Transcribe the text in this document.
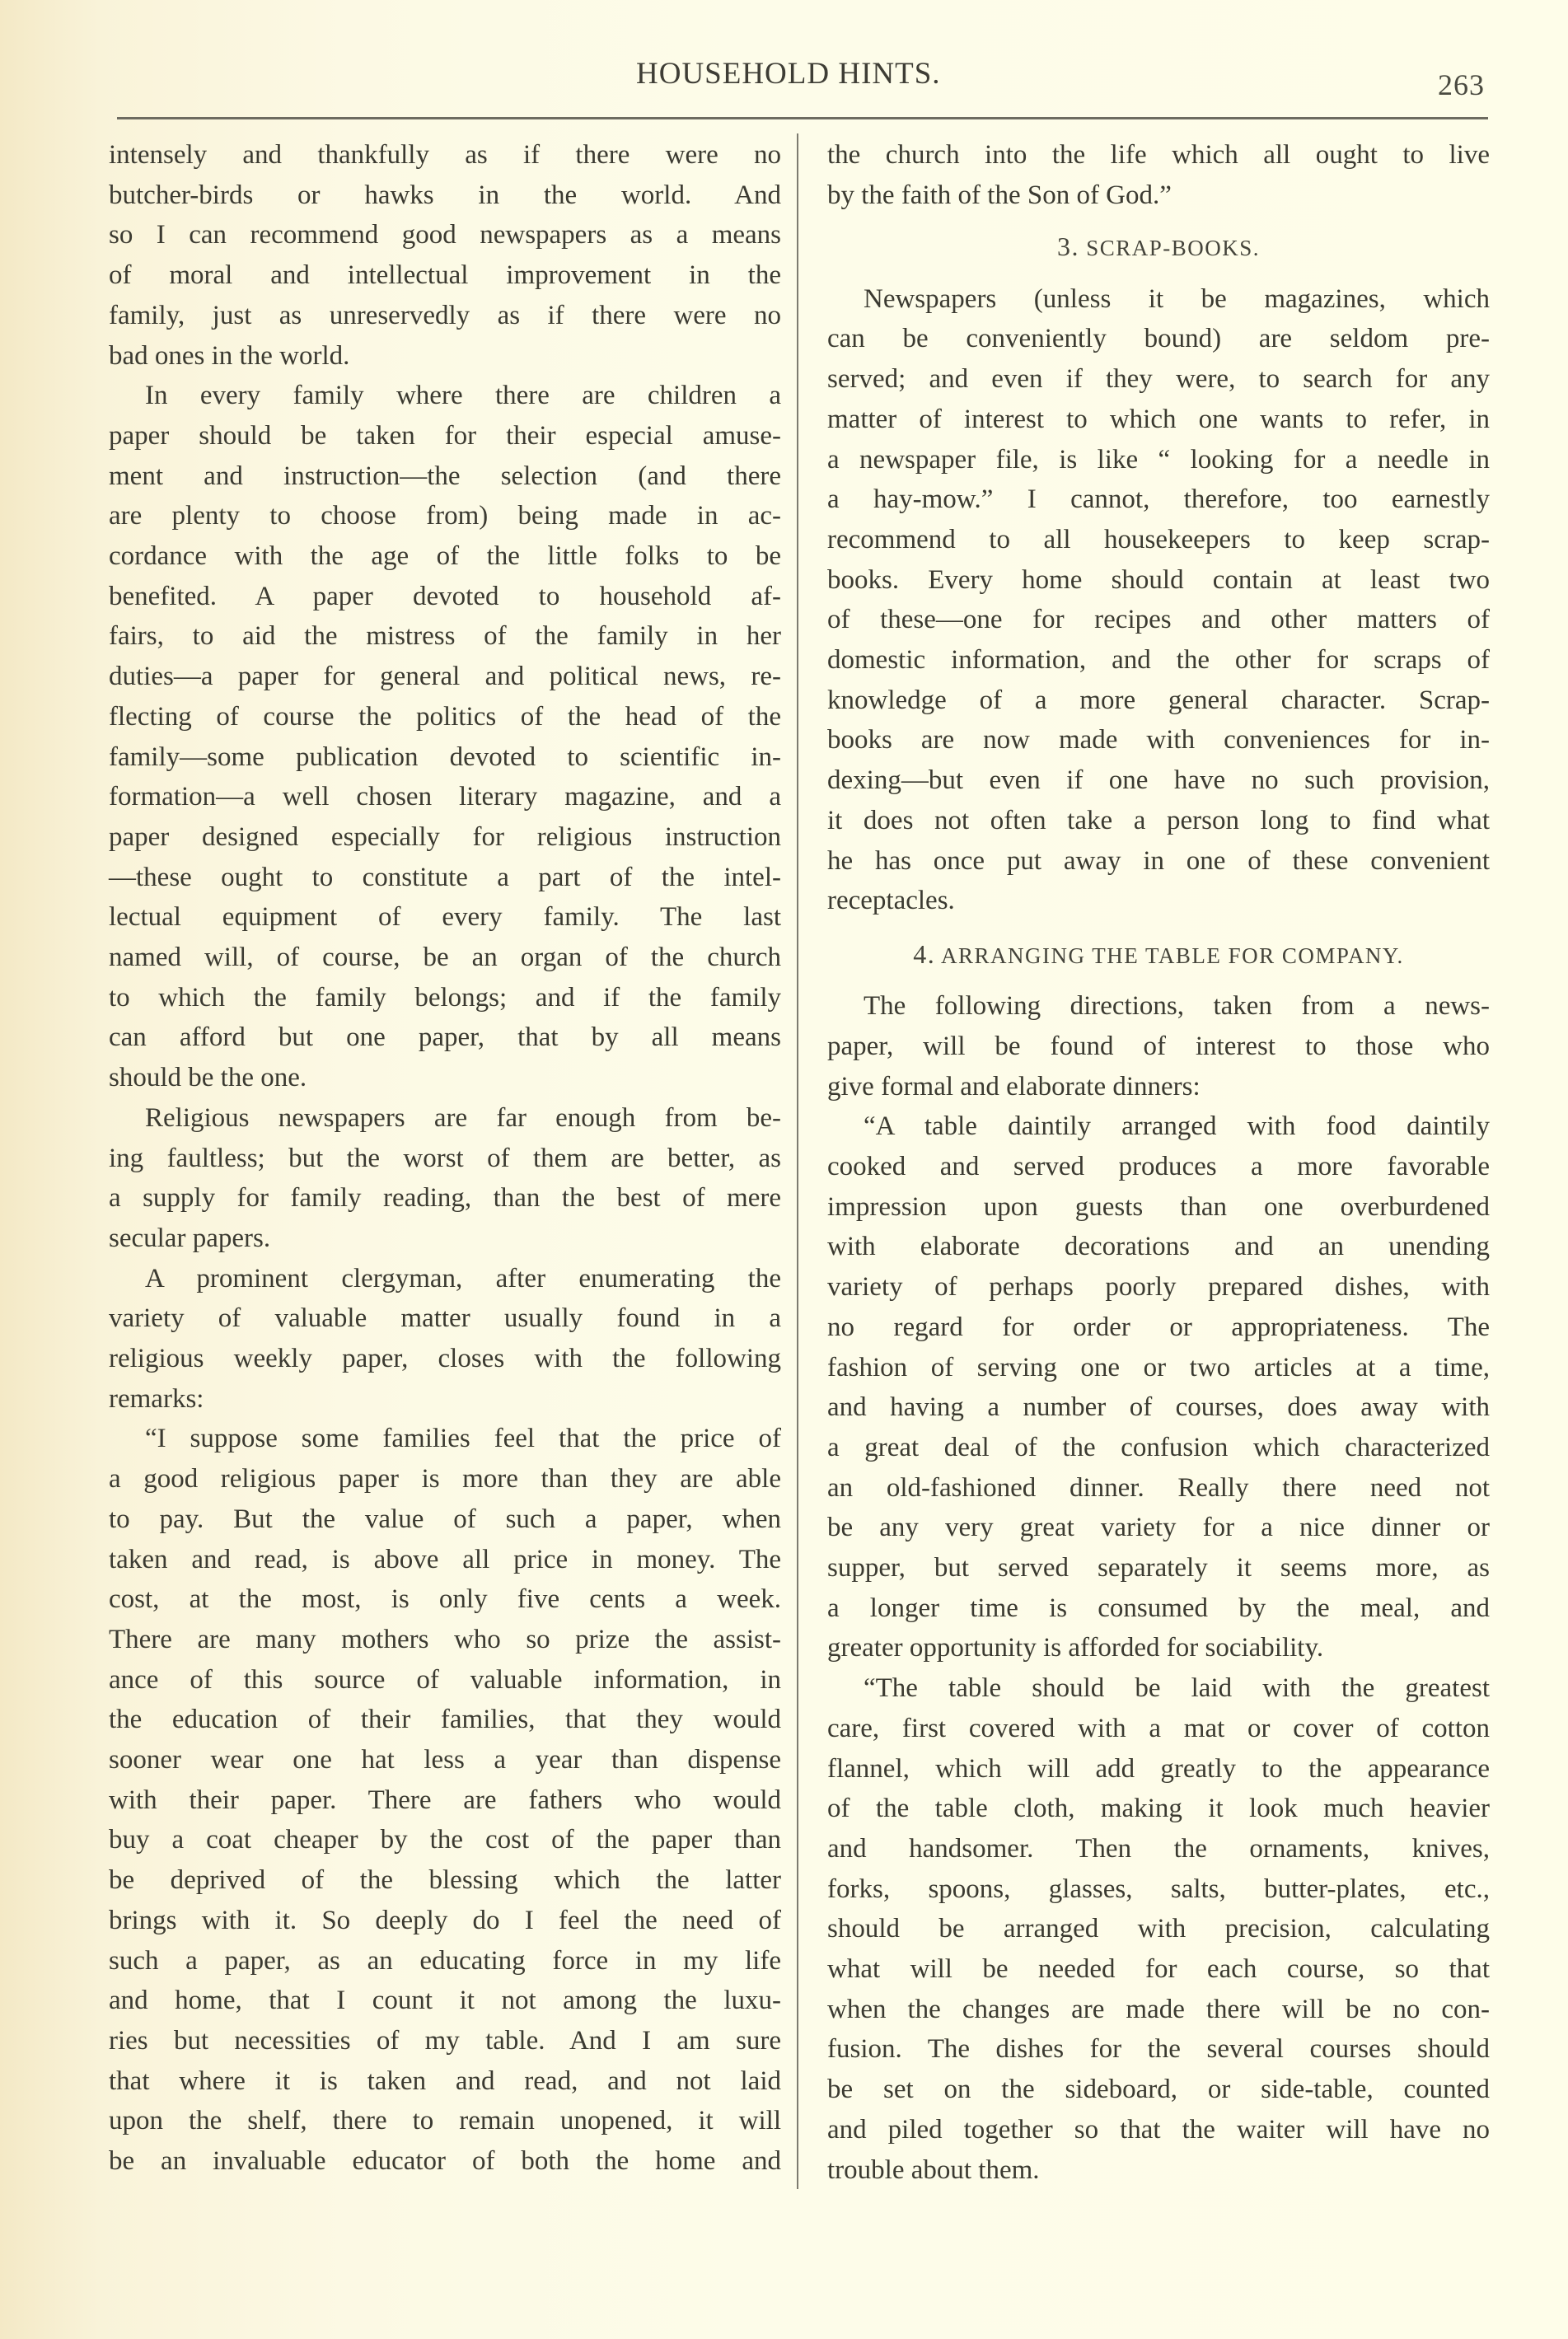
HOUSEHOLD HINTS.	263
intensely and thankfully as if there were no
butcher-birds or hawks in the world. And
so I can recommend good newspapers as a means
of moral and intellectual improvement in the
family, just as unreservedly as if there were no
bad ones in the world.
In every family where there are children a
paper should be taken for their especial amuse-
ment and instruction—the selection (and there
are plenty to choose from) being made in ac-
cordance with the age of the little folks to be
benefited. A paper devoted to household af-
fairs, to aid the mistress of the family in her
duties—a paper for general and political news, re-
flecting of course the politics of the head of the
family—some publication devoted to scientific in-
formation—a well chosen literary magazine, and a
paper designed especially for religious instruction
—these ought to constitute a part of the intel-
lectual equipment of every family. The last
named will, of course, be an organ of the church
to which the family belongs; and if the family
can afford but one paper, that by all means
should be the one.
Religious newspapers are far enough from be-
ing faultless; but the worst of them are better, as
a supply for family reading, than the best of mere
secular papers.
A prominent clergyman, after enumerating the
variety of valuable matter usually found in a
religious weekly paper, closes with the following
remarks:
“I suppose some families feel that the price of
a good religious paper is more than they are able
to pay. But the value of such a paper, when
taken and read, is above all price in money. The
cost, at the most, is only five cents a week.
There are many mothers who so prize the assist-
ance of this source of valuable information, in
the education of their families, that they would
sooner wear one hat less a year than dispense
with their paper. There are fathers who would
buy a coat cheaper by the cost of the paper than
be deprived of the blessing which the latter
brings with it. So deeply do I feel the need of
such a paper, as an educating force in my life
and home, that I count it not among the luxu-
ries but necessities of my table. And I am sure
that where it is taken and read, and not laid
upon the shelf, there to remain unopened, it will
be an invaluable educator of both the home and
the church into the life which all ought to live
by the faith of the Son of God.”
3. SCRAP-BOOKS.
Newspapers (unless it be magazines, which
can be conveniently bound) are seldom pre-
served; and even if they were, to search for any
matter of interest to which one wants to refer, in
a newspaper file, is like “ looking for a needle in
a hay-mow.” I cannot, therefore, too earnestly
recommend to all housekeepers to keep scrap-
books. Every home should contain at least two
of these—one for recipes and other matters of
domestic information, and the other for scraps of
knowledge of a more general character. Scrap-
books are now made with conveniences for in-
dexing—but even if one have no such provision,
it does not often take a person long to find what
he has once put away in one of these convenient
receptacles.
4. ARRANGING THE TABLE FOR COMPANY.
The following directions, taken from a news-
paper, will be found of interest to those who
give formal and elaborate dinners:
“A table daintily arranged with food daintily
cooked and served produces a more favorable
impression upon guests than one overburdened
with elaborate decorations and an unending
variety of perhaps poorly prepared dishes, with
no regard for order or appropriateness. The
fashion of serving one or two articles at a time,
and having a number of courses, does away with
a great deal of the confusion which characterized
an old-fashioned dinner. Really there need not
be any very great variety for a nice dinner or
supper, but served separately it seems more, as
a longer time is consumed by the meal, and
greater opportunity is afforded for sociability.
“The table should be laid with the greatest
care, first covered with a mat or cover of cotton
flannel, which will add greatly to the appearance
of the table cloth, making it look much heavier
and handsomer. Then the ornaments, knives,
forks, spoons, glasses, salts, butter-plates, etc.,
should be arranged with precision, calculating
what will be needed for each course, so that
when the changes are made there will be no con-
fusion. The dishes for the several courses should
be set on the sideboard, or side-table, counted
and piled together so that the waiter will have no
trouble about them.
